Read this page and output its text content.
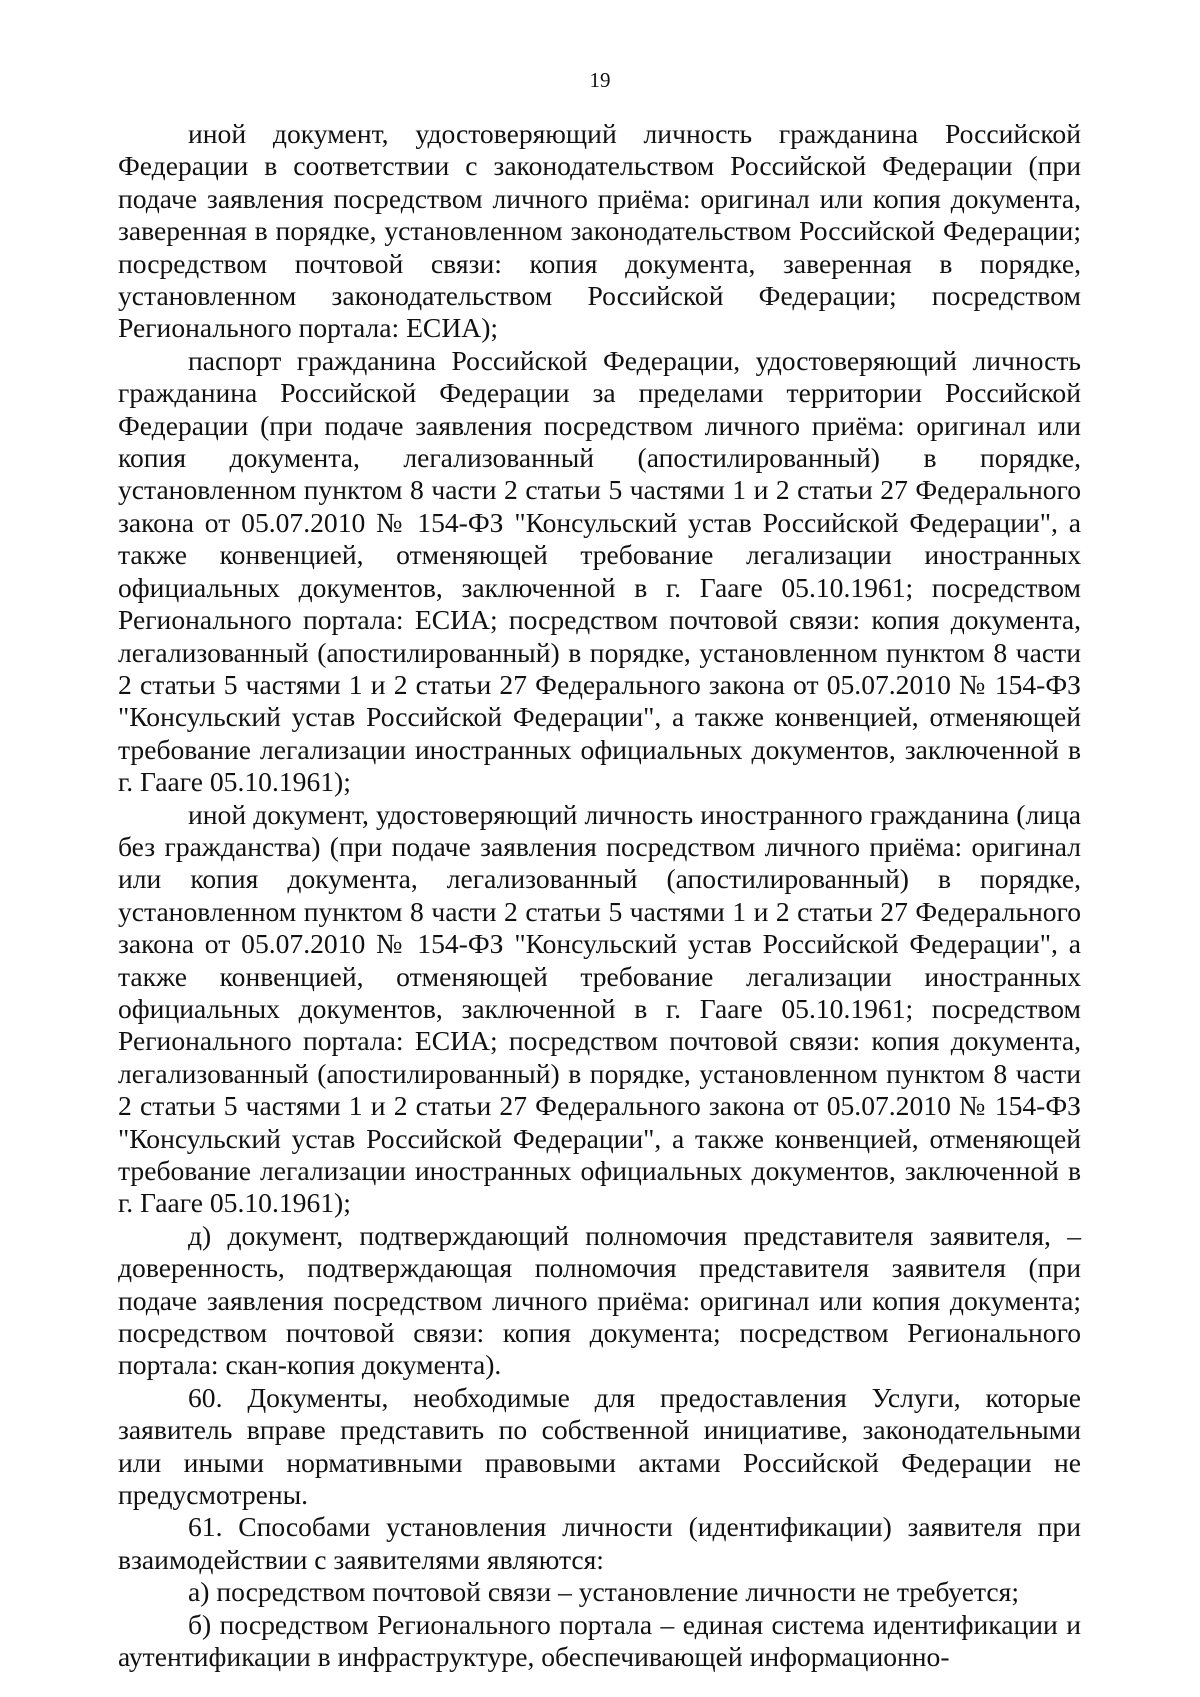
19

иной документ, удостоверяющий личность гражданина Российской Федерации в соответствии с законодательством Российской Федерации (при подаче заявления посредством личного приёма: оригинал или копия документа, заверенная в порядке, установленном законодательством Российской Федерации; посредством почтовой связи: копия документа, заверенная в порядке, установленном законодательством Российской Федерации; посредством Регионального портала: ЕСИА);

паспорт гражданина Российской Федерации, удостоверяющий личность гражданина Российской Федерации за пределами территории Российской Федерации (при подаче заявления посредством личного приёма: оригинал или копия документа, легализованный (апостилированный) в порядке, установленном пунктом 8 части 2 статьи 5 частями 1 и 2 статьи 27 Федерального закона от 05.07.2010 № 154-ФЗ "Консульский устав Российской Федерации", а также конвенцией, отменяющей требование легализации иностранных официальных документов, заключенной в г. Гааге 05.10.1961; посредством Регионального портала: ЕСИА; посредством почтовой связи: копия документа, легализованный (апостилированный) в порядке, установленном пунктом 8 части 2 статьи 5 частями 1 и 2 статьи 27 Федерального закона от 05.07.2010 № 154-ФЗ "Консульский устав Российской Федерации", а также конвенцией, отменяющей требование легализации иностранных официальных документов, заключенной в г. Гааге 05.10.1961);

иной документ, удостоверяющий личность иностранного гражданина (лица без гражданства) (при подаче заявления посредством личного приёма: оригинал или копия документа, легализованный (апостилированный) в порядке, установленном пунктом 8 части 2 статьи 5 частями 1 и 2 статьи 27 Федерального закона от 05.07.2010 № 154-ФЗ "Консульский устав Российской Федерации", а также конвенцией, отменяющей требование легализации иностранных официальных документов, заключенной в г. Гааге 05.10.1961; посредством Регионального портала: ЕСИА; посредством почтовой связи: копия документа, легализованный (апостилированный) в порядке, установленном пунктом 8 части 2 статьи 5 частями 1 и 2 статьи 27 Федерального закона от 05.07.2010 № 154-ФЗ "Консульский устав Российской Федерации", а также конвенцией, отменяющей требование легализации иностранных официальных документов, заключенной в г. Гааге 05.10.1961);

д) документ, подтверждающий полномочия представителя заявителя, – доверенность, подтверждающая полномочия представителя заявителя (при подаче заявления посредством личного приёма: оригинал или копия документа; посредством почтовой связи: копия документа; посредством Регионального портала: скан-копия документа).

60. Документы, необходимые для предоставления Услуги, которые заявитель вправе представить по собственной инициативе, законодательными или иными нормативными правовыми актами Российской Федерации не предусмотрены.

61. Способами установления личности (идентификации) заявителя при взаимодействии с заявителями являются:

а) посредством почтовой связи – установление личности не требуется;

б) посредством Регионального портала – единая система идентификации и аутентификации в инфраструктуре, обеспечивающей информационно-
